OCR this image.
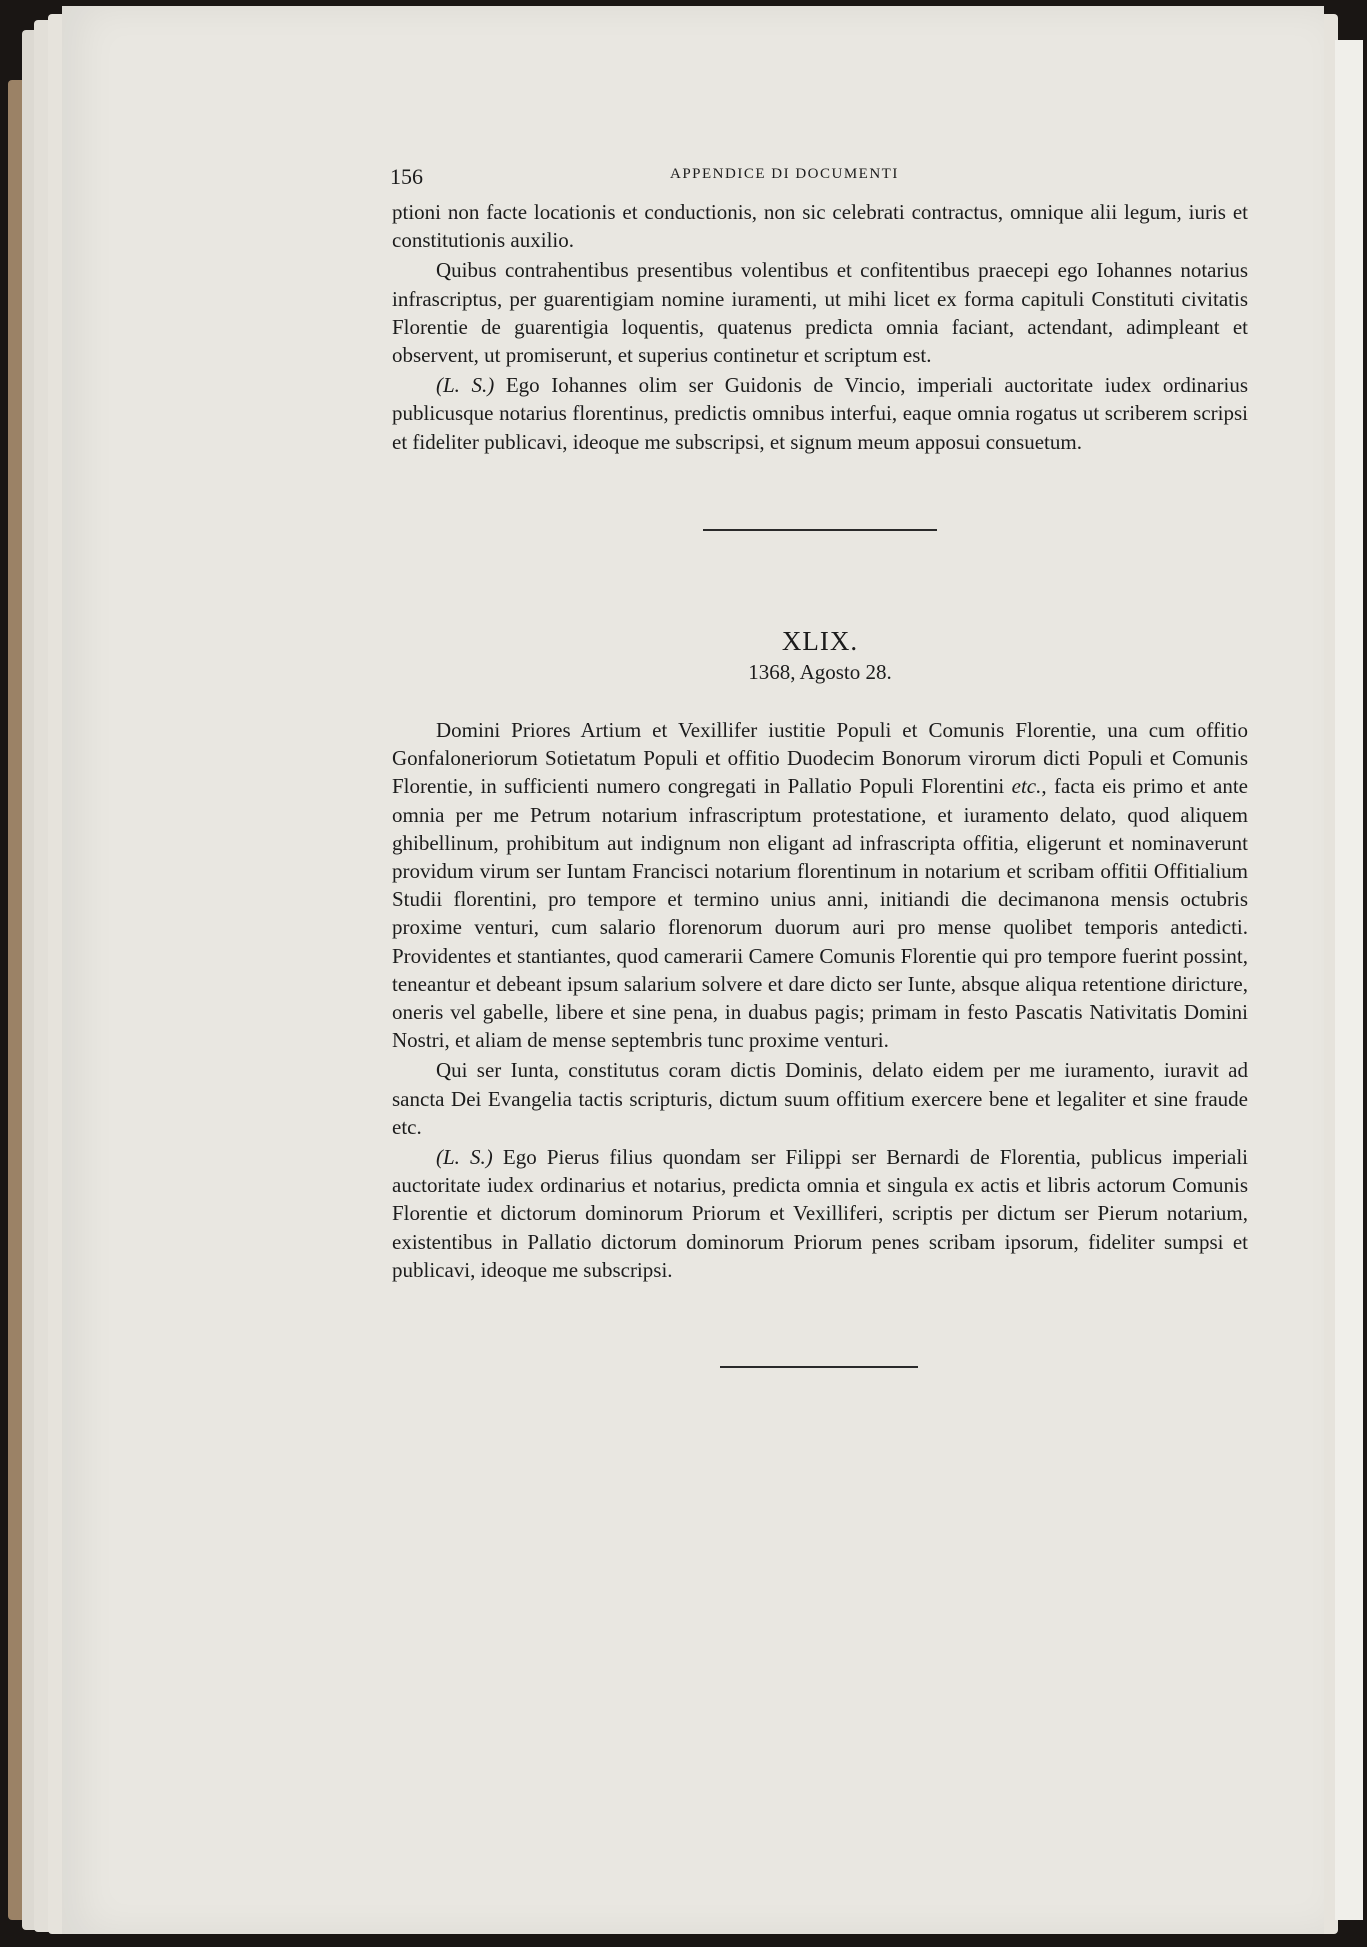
156	APPENDICE DI DOCUMENTI

ptioni non facte locationis et conductionis, non sic celebrati contractus, omnique alii legum, iuris et constitutionis auxilio.

Quibus contrahentibus presentibus volentibus et confitentibus praecepi ego Iohannes notarius infrascriptus, per guarentigiam nomine iuramenti, ut mihi licet ex forma capituli Constituti civitatis Florentie de guarentigia loquentis, quatenus predicta omnia faciant, actendant, adimpleant et observent, ut promiserunt, et superius continetur et scriptum est.

(L. S.) Ego Iohannes olim ser Guidonis de Vincio, imperiali auctoritate iudex ordinarius publicusque notarius florentinus, predictis omnibus interfui, eaque omnia rogatus ut scriberem scripsi et fideliter publicavi, ideoque me subscripsi, et signum meum apposui consuetum.

XLIX.
1368, Agosto 28.

Domini Priores Artium et Vexillifer iustitie Populi et Comunis Florentie, una cum offitio Gonfaloneriorum Sotietatum Populi et offitio Duodecim Bonorum virorum dicti Populi et Comunis Florentie, in sufficienti numero congregati in Pallatio Populi Florentini etc., facta eis primo et ante omnia per me Petrum notarium infrascriptum protestatione, et iuramento delato, quod aliquem ghibellinum, prohibitum aut indignum non eligant ad infrascripta offitia, eligerunt et nominaverunt providum virum ser Iuntam Francisci notarium florentinum in notarium et scribam offitii Offitialium Studii florentini, pro tempore et termino unius anni, initiandi die decimanona mensis octubris proxime venturi, cum salario florenorum duorum auri pro mense quolibet temporis antedicti. Providentes et stantiantes, quod camerarii Camere Comunis Florentie qui pro tempore fuerint possint, teneantur et debeant ipsum salarium solvere et dare dicto ser Iunte, absque aliqua retentione diricture, oneris vel gabelle, libere et sine pena, in duabus pagis; primam in festo Pascatis Nativitatis Domini Nostri, et aliam de mense septembris tunc proxime venturi.

Qui ser Iunta, constitutus coram dictis Dominis, delato eidem per me iuramento, iuravit ad sancta Dei Evangelia tactis scripturis, dictum suum offitium exercere bene et legaliter et sine fraude etc.

(L. S.) Ego Pierus filius quondam ser Filippi ser Bernardi de Florentia, publicus imperiali auctoritate iudex ordinarius et notarius, predicta omnia et singula ex actis et libris actorum Comunis Florentie et dictorum dominorum Priorum et Vexilliferi, scriptis per dictum ser Pierum notarium, existentibus in Pallatio dictorum dominorum Priorum penes scribam ipsorum, fideliter sumpsi et publicavi, ideoque me subscripsi.
